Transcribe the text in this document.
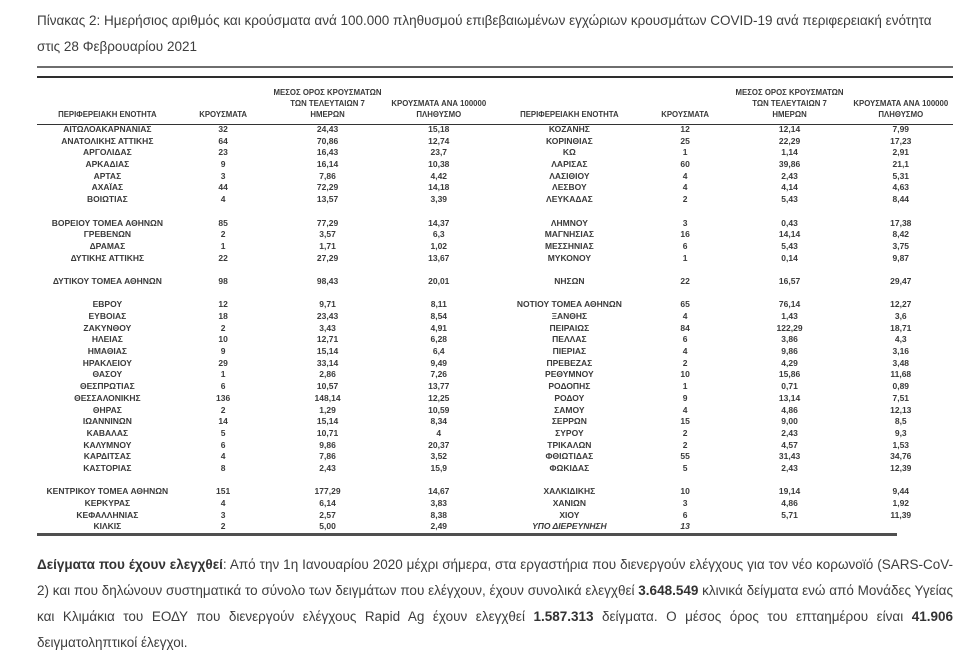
Πίνακας 2: Ημερήσιος αριθμός και κρούσματα ανά 100.000 πληθυσμού επιβεβαιωμένων εγχώριων κρουσμάτων COVID-19 ανά περιφερειακή ενότητα στις 28 Φεβρουαρίου 2021
ΠΕΡΙΦΕΡΕΙΑΚΗ ΕΝΟΤΗΤΑ	ΚΡΟΥΣΜΑΤΑ
ΜΕΣΟΣ ΟΡΟΣ ΚΡΟΥΣΜΑΤΩΝ
ΤΩΝ ΤΕΛΕΥΤΑΙΩΝ 7
ΗΜΕΡΩΝ
ΚΡΟΥΣΜΑΤΑ ΑΝΑ 100000
ΠΛΗΘΥΣΜΟ
ΑΙΤΩΛΟΑΚΑΡΝΑΝΙΑΣ	32	24,43	15,18
ΑΝΑΤΟΛΙΚΗΣ ΑΤΤΙΚΗΣ	64	70,86	12,74
ΑΡΓΟΛΙΔΑΣ	23	16,43	23,7
ΑΡΚΑΔΙΑΣ	9	16,14	10,38
ΑΡΤΑΣ	3	7,86	4,42
ΑΧΑΪΑΣ	44	72,29	14,18
ΒΟΙΩΤΙΑΣ	4	13,57	3,39
ΒΟΡΕΙΟΥ ΤΟΜΕΑ ΑΘΗΝΩΝ	85	77,29	14,37
ΓΡΕΒΕΝΩΝ	2	3,57	6,3
ΔΡΑΜΑΣ	1	1,71	1,02
ΔΥΤΙΚΗΣ ΑΤΤΙΚΗΣ	22	27,29	13,67
ΔΥΤΙΚΟΥ ΤΟΜΕΑ ΑΘΗΝΩΝ	98	98,43	20,01
ΕΒΡΟΥ	12	9,71	8,11
ΕΥΒΟΙΑΣ	18	23,43	8,54
ΖΑΚΥΝΘΟΥ	2	3,43	4,91
ΗΛΕΙΑΣ	10	12,71	6,28
ΗΜΑΘΙΑΣ	9	15,14	6,4
ΗΡΑΚΛΕΙΟΥ	29	33,14	9,49
ΘΑΣΟΥ	1	2,86	7,26
ΘΕΣΠΡΩΤΙΑΣ	6	10,57	13,77
ΘΕΣΣΑΛΟΝΙΚΗΣ	136	148,14	12,25
ΘΗΡΑΣ	2	1,29	10,59
ΙΩΑΝΝΙΝΩΝ	14	15,14	8,34
ΚΑΒΑΛΑΣ	5	10,71	4
ΚΑΛΥΜΝΟΥ	6	9,86	20,37
ΚΑΡΔΙΤΣΑΣ	4	7,86	3,52
ΚΑΣΤΟΡΙΑΣ	8	2,43	15,9
ΚΕΝΤΡΙΚΟΥ ΤΟΜΕΑ ΑΘΗΝΩΝ	151	177,29	14,67
ΚΕΡΚΥΡΑΣ	4	6,14	3,83
ΚΕΦΑΛΛΗΝΙΑΣ	3	2,57	8,38
ΚΙΛΚΙΣ	2	5,00	2,49
ΠΕΡΙΦΕΡΕΙΑΚΗ ΕΝΟΤΗΤΑ	ΚΡΟΥΣΜΑΤΑ
ΜΕΣΟΣ ΟΡΟΣ ΚΡΟΥΣΜΑΤΩΝ
ΤΩΝ ΤΕΛΕΥΤΑΙΩΝ 7
ΗΜΕΡΩΝ
ΚΡΟΥΣΜΑΤΑ ΑΝΑ 100000
ΠΛΗΘΥΣΜΟ
ΚΟΖΑΝΗΣ	12	12,14	7,99
ΚΟΡΙΝΘΙΑΣ	25	22,29	17,23
ΚΩ	1	1,14	2,91
ΛΑΡΙΣΑΣ	60	39,86	21,1
ΛΑΣΙΘΙΟΥ	4	2,43	5,31
ΛΕΣΒΟΥ	4	4,14	4,63
ΛΕΥΚΑΔΑΣ	2	5,43	8,44
ΛΗΜΝΟΥ	3	0,43	17,38
ΜΑΓΝΗΣΙΑΣ	16	14,14	8,42
ΜΕΣΣΗΝΙΑΣ	6	5,43	3,75
ΜΥΚΟΝΟΥ	1	0,14	9,87
ΝΗΣΩΝ	22	16,57	29,47
ΝΟΤΙΟΥ ΤΟΜΕΑ ΑΘΗΝΩΝ	65	76,14	12,27
ΞΑΝΘΗΣ	4	1,43	3,6
ΠΕΙΡΑΙΩΣ	84	122,29	18,71
ΠΕΛΛΑΣ	6	3,86	4,3
ΠΙΕΡΙΑΣ	4	9,86	3,16
ΠΡΕΒΕΖΑΣ	2	4,29	3,48
ΡΕΘΥΜΝΟΥ	10	15,86	11,68
ΡΟΔΟΠΗΣ	1	0,71	0,89
ΡΟΔΟΥ	9	13,14	7,51
ΣΑΜΟΥ	4	4,86	12,13
ΣΕΡΡΩΝ	15	9,00	8,5
ΣΥΡΟΥ	2	2,43	9,3
ΤΡΙΚΑΛΩΝ	2	4,57	1,53
ΦΘΙΩΤΙΔΑΣ	55	31,43	34,76
ΦΩΚΙΔΑΣ	5	2,43	12,39
ΧΑΛΚΙΔΙΚΗΣ	10	19,14	9,44
ΧΑΝΙΩΝ	3	4,86	1,92
ΧΙΟΥ	6	5,71	11,39
ΥΠΟ ΔΙΕΡΕΥΝΗΣΗ	13

Δείγματα που έχουν ελεγχθεί: Από την 1η Ιανουαρίου 2020 μέχρι σήμερα, στα εργαστήρια που διενεργούν ελέγχους για τον νέο κορωνοϊό (SARS-CoV-2) και που δηλώνουν συστηματικά το σύνολο των δειγμάτων που ελέγχουν, έχουν συνολικά ελεγχθεί 3.648.549 κλινικά δείγματα ενώ από Μονάδες Υγείας και Κλιμάκια του ΕΟΔΥ που διενεργούν ελέγχους Rapid Ag έχουν ελεγχθεί 1.587.313 δείγματα. Ο μέσος όρος του επταημέρου είναι 41.906 δειγματοληπτικοί έλεγχοι.
